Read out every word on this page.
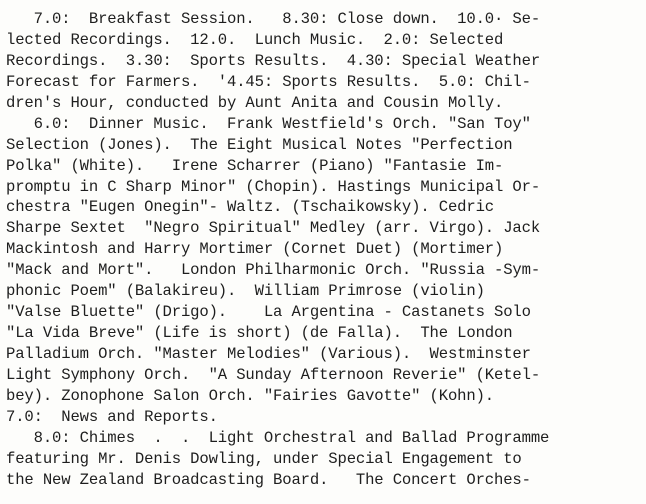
7.0:  Breakfast Session.   8.30: Close down.  10.0· Se-
lected Recordings.  12.0.  Lunch Music.  2.0: Selected
Recordings.  3.30:  Sports Results.  4.30: Special Weather
Forecast for Farmers.  '4.45: Sports Results.  5.0: Chil-
dren's Hour, conducted by Aunt Anita and Cousin Molly.
6.0:  Dinner Music.  Frank Westfield's Orch. "San Toy"
Selection (Jones).  The Eight Musical Notes "Perfection
Polka" (White).   Irene Scharrer (Piano) "Fantasie Im-
promptu in C Sharp Minor" (Chopin). Hastings Municipal Or-
chestra "Eugen Onegin"- Waltz. (Tschaikowsky). Cedric
Sharpe Sextet  "Negro Spiritual" Medley (arr. Virgo). Jack
Mackintosh and Harry Mortimer (Cornet Duet) (Mortimer)
"Mack and Mort".   London Philharmonic Orch. "Russia -Sym-
phonic Poem" (Balakireu).  William Primrose (violin)
"Valse Bluette" (Drigo).    La Argentina - Castanets Solo
"La Vida Breve" (Life is short) (de Falla).  The London
Palladium Orch. "Master Melodies" (Various).  Westminster
Light Symphony Orch.  "A Sunday Afternoon Reverie" (Ketel-
bey). Zonophone Salon Orch. "Fairies Gavotte" (Kohn).
7.0:  News and Reports.
8.0: Chimes  .  .  Light Orchestral and Ballad Programme
featuring Mr. Denis Dowling, under Special Engagement to
the New Zealand Broadcasting Board.   The Concert Orches-
